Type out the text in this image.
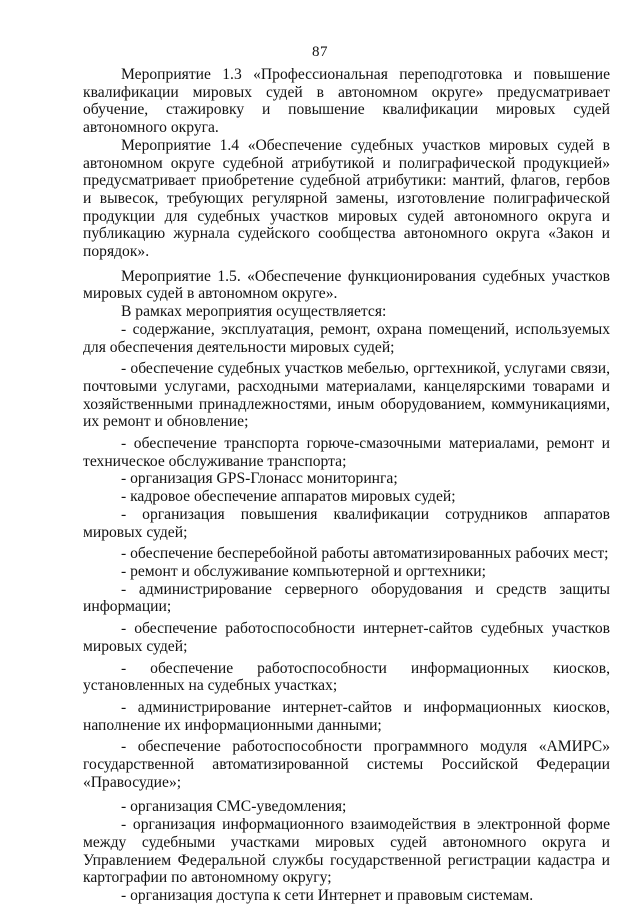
87

Мероприятие 1.3 «Профессиональная переподготовка и повышение квалификации мировых судей в автономном округе» предусматривает обучение, стажировку и повышение квалификации мировых судей автономного округа.

Мероприятие 1.4 «Обеспечение судебных участков мировых судей в автономном округе судебной атрибутикой и полиграфической продукцией» предусматривает приобретение судебной атрибутики: мантий, флагов, гербов и вывесок, требующих регулярной замены, изготовление полиграфической продукции для судебных участков мировых судей автономного округа и публикацию журнала судейского сообщества автономного округа «Закон и порядок».

Мероприятие 1.5. «Обеспечение функционирования судебных участков мировых судей в автономном округе».

В рамках мероприятия осуществляется:

- содержание, эксплуатация, ремонт, охрана помещений, используемых для обеспечения деятельности мировых судей;

- обеспечение судебных участков мебелью, оргтехникой, услугами связи, почтовыми услугами, расходными материалами, канцелярскими товарами и хозяйственными принадлежностями, иным оборудованием, коммуникациями, их ремонт и обновление;

- обеспечение транспорта горюче-смазочными материалами, ремонт и техническое обслуживание транспорта;

- организация GPS-Глонасс мониторинга;

- кадровое обеспечение аппаратов мировых судей;

- организация повышения квалификации сотрудников аппаратов мировых судей;

- обеспечение бесперебойной работы автоматизированных рабочих мест;

- ремонт и обслуживание компьютерной и оргтехники;

- администрирование серверного оборудования и средств защиты информации;

- обеспечение работоспособности интернет-сайтов судебных участков мировых судей;

- обеспечение работоспособности информационных киосков, установленных на судебных участках;

- администрирование интернет-сайтов и информационных киосков, наполнение их информационными данными;

- обеспечение работоспособности программного модуля «АМИРС» государственной автоматизированной системы Российской Федерации «Правосудие»;

- организация СМС-уведомления;

- организация информационного взаимодействия в электронной форме между судебными участками мировых судей автономного округа и Управлением Федеральной службы государственной регистрации кадастра и картографии по автономному округу;

- организация доступа к сети Интернет и правовым системам.
